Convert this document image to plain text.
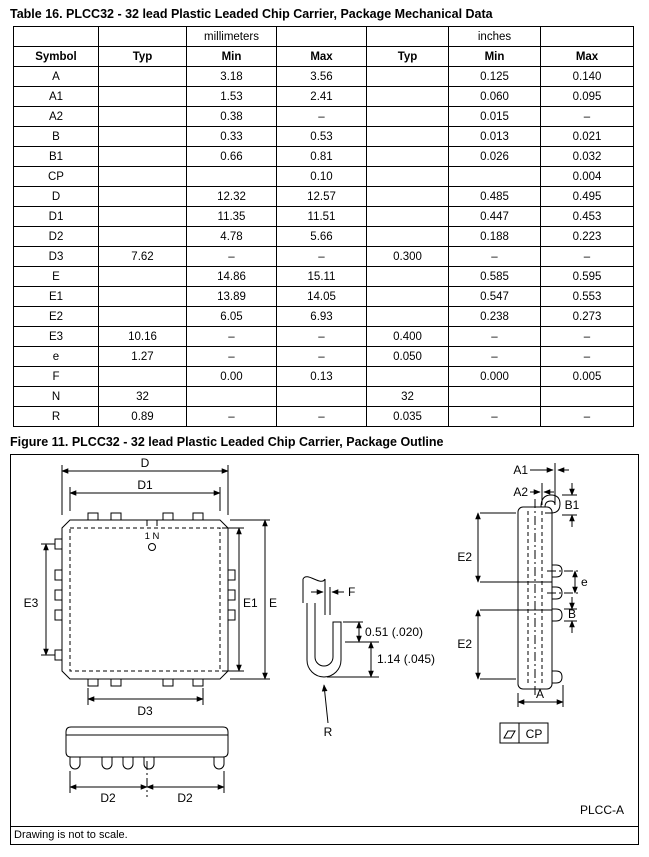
Table 16. PLCC32 - 32 lead Plastic Leaded Chip Carrier, Package Mechanical Data
		millimeters			inches	
Symbol	Typ	Min	Max	Typ	Min	Max
A		3.18	3.56		0.125	0.140
A1		1.53	2.41		0.060	0.095
A2		0.38	–		0.015	–
B		0.33	0.53		0.013	0.021
B1		0.66	0.81		0.026	0.032
CP			0.10			0.004
D		12.32	12.57		0.485	0.495
D1		11.35	11.51		0.447	0.453
D2		4.78	5.66		0.188	0.223
D3	7.62	–	–	0.300	–	–
E		14.86	15.11		0.585	0.595
E1		13.89	14.05		0.547	0.553
E2		6.05	6.93		0.238	0.273
E3	10.16	–	–	0.400	–	–
e	1.27	–	–	0.050	–	–
F		0.00	0.13		0.000	0.005
N	32			32		
R	0.89	–	–	0.035	–	–
Figure 11. PLCC32 - 32 lead Plastic Leaded Chip Carrier, Package Outline
D
D1
E3	E1 E
D3
1 N
D2	D2
F
0.51 (.020)
1.14 (.045)
R
A1
A2
B1
e
B
E2
E2
A
CP
PLCC-A
Drawing is not to scale.
